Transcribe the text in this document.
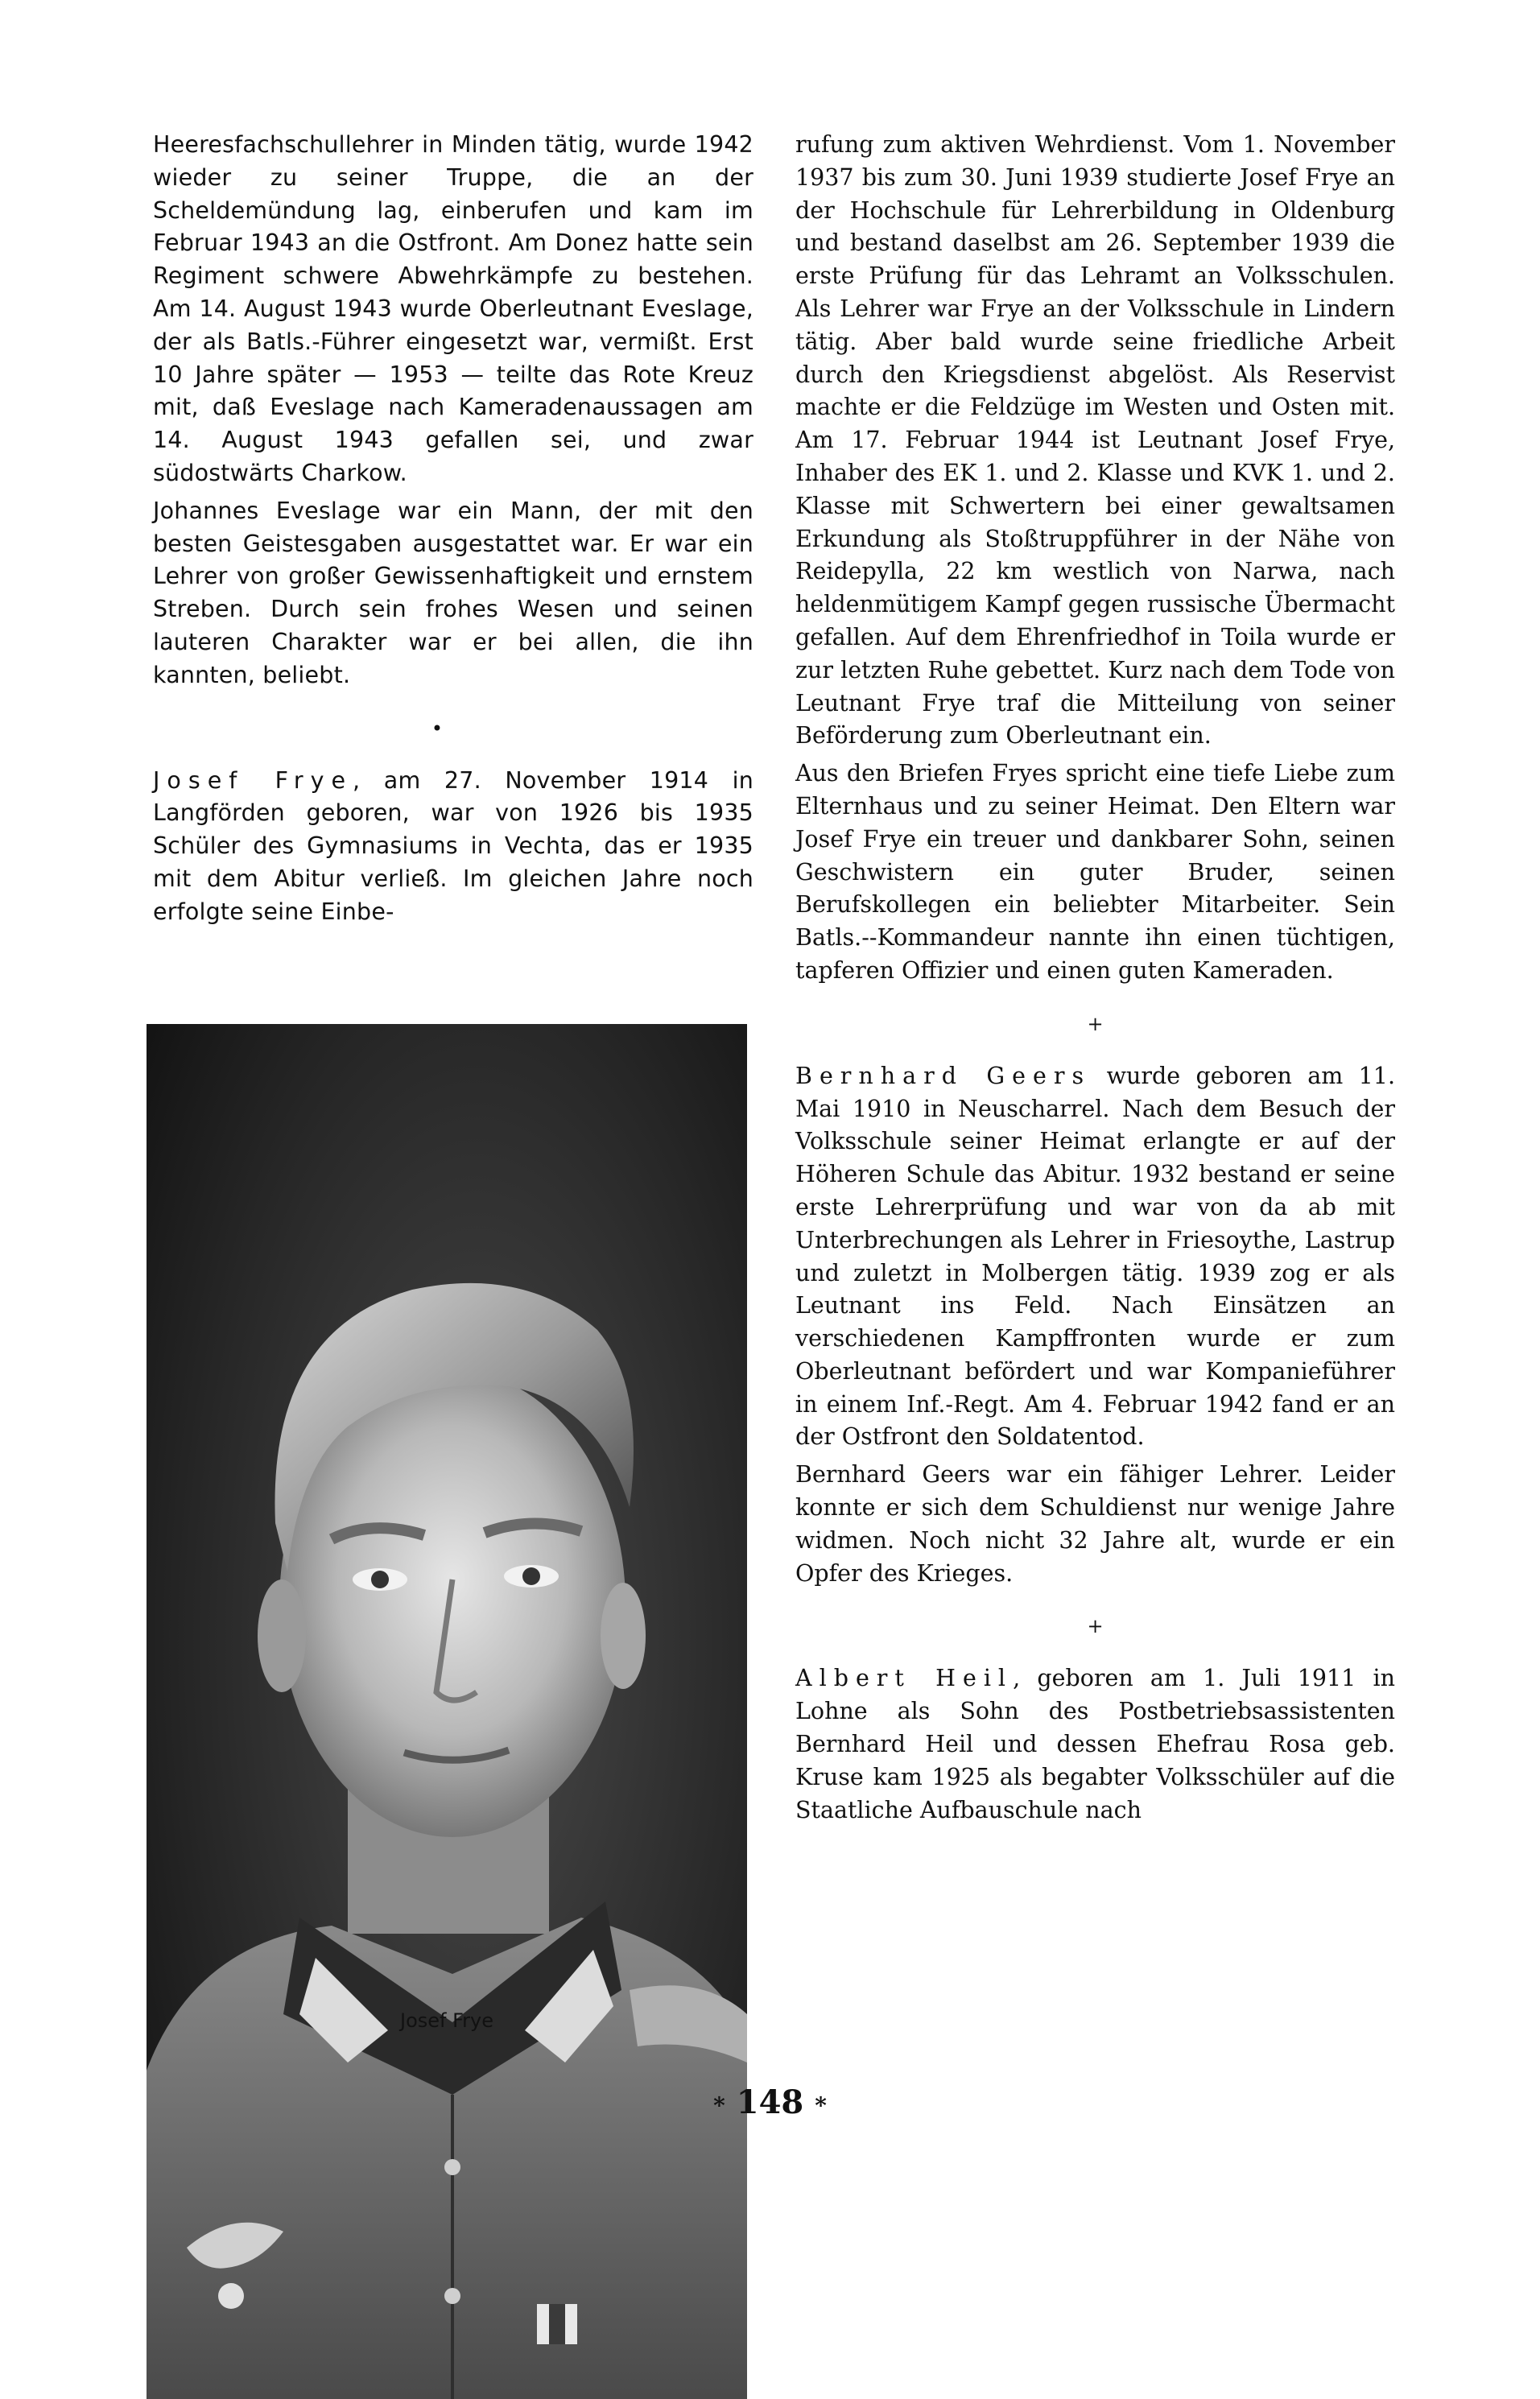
Heeresfachschullehrer in Minden tätig, wurde 1942 wieder zu seiner Truppe, die an der Scheldemündung lag, einberufen und kam im Februar 1943 an die Ostfront. Am Donez hatte sein Regiment schwere Abwehrkämpfe zu bestehen. Am 14. August 1943 wurde Oberleutnant Eveslage, der als Batls.-Führer eingesetzt war, vermißt. Erst 10 Jahre später — 1953 — teilte das Rote Kreuz mit, daß Eveslage nach Kameradenaussagen am 14. August 1943 gefallen sei, und zwar südostwärts Charkow.

Johannes Eveslage war ein Mann, der mit den besten Geistesgaben ausgestattet war. Er war ein Lehrer von großer Gewissenhaftigkeit und ernstem Streben. Durch sein frohes Wesen und seinen lauteren Charakter war er bei allen, die ihn kannten, beliebt.

•

Josef Frye, am 27. November 1914 in Langförden geboren, war von 1926 bis 1935 Schüler des Gymnasiums in Vechta, das er 1935 mit dem Abitur verließ. Im gleichen Jahre noch erfolgte seine Einbe-

Josef Frye

rufung zum aktiven Wehrdienst. Vom 1. November 1937 bis zum 30. Juni 1939 studierte Josef Frye an der Hochschule für Lehrerbildung in Oldenburg und bestand daselbst am 26. September 1939 die erste Prüfung für das Lehramt an Volksschulen. Als Lehrer war Frye an der Volksschule in Lindern tätig. Aber bald wurde seine friedliche Arbeit durch den Kriegsdienst abgelöst. Als Reservist machte er die Feldzüge im Westen und Osten mit. Am 17. Februar 1944 ist Leutnant Josef Frye, Inhaber des EK 1. und 2. Klasse und KVK 1. und 2. Klasse mit Schwertern bei einer gewaltsamen Erkundung als Stoßtruppführer in der Nähe von Reidepylla, 22 km westlich von Narwa, nach heldenmütigem Kampf gegen russische Übermacht gefallen. Auf dem Ehrenfriedhof in Toila wurde er zur letzten Ruhe gebettet. Kurz nach dem Tode von Leutnant Frye traf die Mitteilung von seiner Beförderung zum Oberleutnant ein.

Aus den Briefen Fryes spricht eine tiefe Liebe zum Elternhaus und zu seiner Heimat. Den Eltern war Josef Frye ein treuer und dankbarer Sohn, seinen Geschwistern ein guter Bruder, seinen Berufskollegen ein beliebter Mitarbeiter. Sein Batls.--Kommandeur nannte ihn einen tüchtigen, tapferen Offizier und einen guten Kameraden.

+

Bernhard Geers wurde geboren am 11. Mai 1910 in Neuscharrel. Nach dem Besuch der Volksschule seiner Heimat erlangte er auf der Höheren Schule das Abitur. 1932 bestand er seine erste Lehrerprüfung und war von da ab mit Unterbrechungen als Lehrer in Friesoythe, Lastrup und zuletzt in Molbergen tätig. 1939 zog er als Leutnant ins Feld. Nach Einsätzen an verschiedenen Kampffronten wurde er zum Oberleutnant befördert und war Kompanieführer in einem Inf.-Regt. Am 4. Februar 1942 fand er an der Ostfront den Soldatentod.

Bernhard Geers war ein fähiger Lehrer. Leider konnte er sich dem Schuldienst nur wenige Jahre widmen. Noch nicht 32 Jahre alt, wurde er ein Opfer des Krieges.

+

Albert Heil, geboren am 1. Juli 1911 in Lohne als Sohn des Postbetriebsassistenten Bernhard Heil und dessen Ehefrau Rosa geb. Kruse kam 1925 als begabter Volksschüler auf die Staatliche Aufbauschule nach

* 148 *
